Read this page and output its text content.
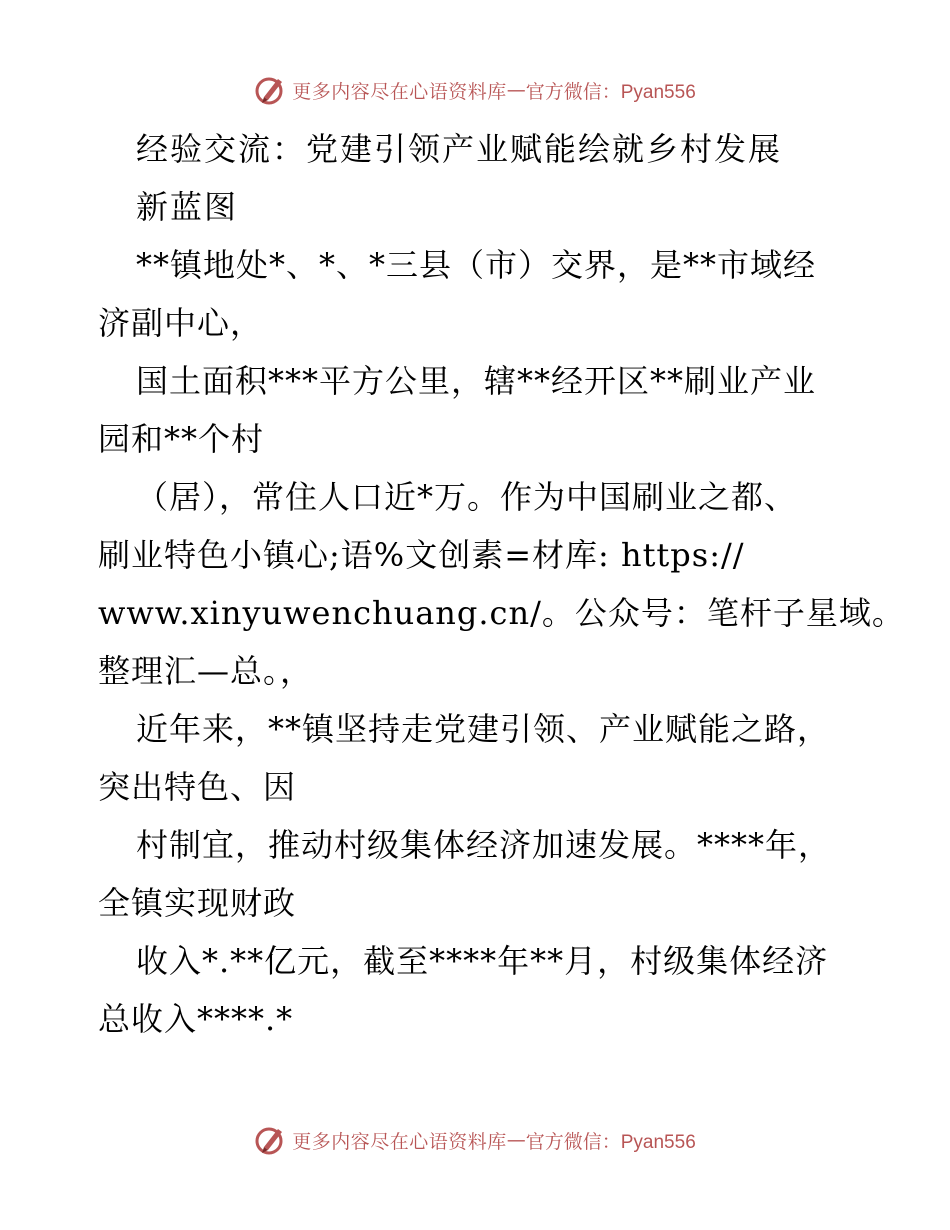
更多内容尽在心语资料库 — 官方微信：Pyan556
经验交流：党建引领产业赋能绘就乡村发展
新蓝图
**镇地处*、*、*三县（市）交界，是**市域经
济副中心，
国土面积***平方公里，辖**经开区**刷业产业
园和**个村
（居），常住人口近*万。作为中国刷业之都、
刷业特色小镇心;语%文创素=材库: https://
www.xinyuwenchuang.cn/。公众号：笔杆子星域。
整理汇—总。，
近年来，**镇坚持走党建引领、产业赋能之路，
突出特色、因
村制宜，推动村级集体经济加速发展。****年，
全镇实现财政
收入*.**亿元，截至****年**月，村级集体经济
总收入****.*
更多内容尽在心语资料库 — 官方微信：Pyan556
